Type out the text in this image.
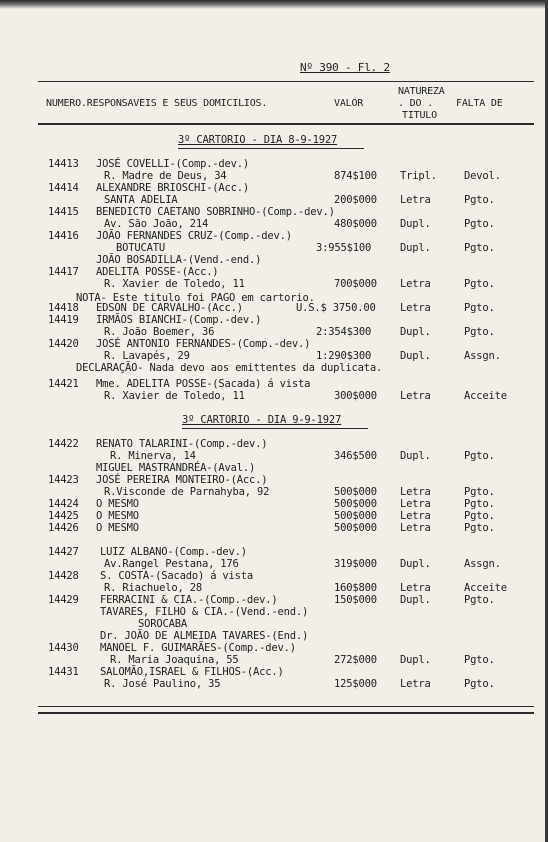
Nº 390 - Fl. 2
NUMERO.RESPONSAVEIS E SEUS DOMICILIOS.	VALOR
NATUREZA
. DO .
TITULO
FALTA DE
3º CARTORIO - DIA 8-9-1927
3º CARTORIO - DIA 9-9-1927
14413 JOSÉ COVELLI-(Comp.-dev.)
R. Madre de Deus, 34	874$100 Tripl.	Devol.
14414 ALEXANDRE BRIOSCHI-(Acc.)
SANTA ADELIA	200$000 Letra	Pgto.
14415 BENEDICTO CAETANO SOBRINHO-(Comp.-dev.)
Av. São João, 214	480$000 Dupl.	Pgto.
14416 JOÃO FERNANDES CRUZ-(Comp.-dev.)
BOTUCATU	3:955$100	Dupl.	Pgto.
JOÃO BOSADILLA-(Vend.-end.)
14417 ADELITA POSSE-(Acc.)
R. Xavier de Toledo, 11	700$000 Letra	Pgto.
NOTA- Este titulo foi PAGO em cartorio.
14418 EDSON DE CARVALHO-(Acc.)	U.S.$ 3750.00 Letra	Pgto.
14419 IRMÃOS BIANCHI-(Comp.-dev.)
R. João Boemer, 36	2:354$300	Dupl.	Pgto.
14420 JOSÉ ANTONIO FERNANDES-(Comp.-dev.)
R. Lavapés, 29	1:290$300	Dupl.	Assgn.
DECLARAÇÃO- Nada devo aos emittentes da duplicata.
14421 Mme. ADELITA POSSE-(Sacada) á vista
R. Xavier de Toledo, 11	300$000 Letra	Acceite
14422 RENATO TALARINI-(Comp.-dev.)
R. Minerva, 14	346$500 Dupl.	Pgto.
MIGUEL MASTRANDRÉA-(Aval.)
14423 JOSÉ PEREIRA MONTEIRO-(Acc.)
R.Visconde de Parnahyba, 92	500$000 Letra	Pgto.
14424 O MESMO	500$000 Letra	Pgto.
14425 O MESMO	500$000 Letra	Pgto.
14426 O MESMO	500$000 Letra	Pgto.
14427 LUIZ ALBANO-(Comp.-dev.)
Av.Rangel Pestana, 176	319$000 Dupl.	Assgn.
14428 S. COSTA-(Sacado) á vista
R. Riachuelo, 28	160$800 Letra	Acceite
14429 FERRACINI & CIA.-(Comp.-dev.)	150$000 Dupl.	Pgto.
TAVARES, FILHO & CIA.-(Vend.-end.)
SOROCABA
Dr. JOÃO DE ALMEIDA TAVARES-(End.)
14430 MANOEL F. GUIMARÃES-(Comp.-dev.)
R. Maria Joaquina, 55	272$000 Dupl.	Pgto.
14431 SALOMÃO,ISRAEL & FILHOS-(Acc.)
R. José Paulino, 35	125$000 Letra	Pgto.
